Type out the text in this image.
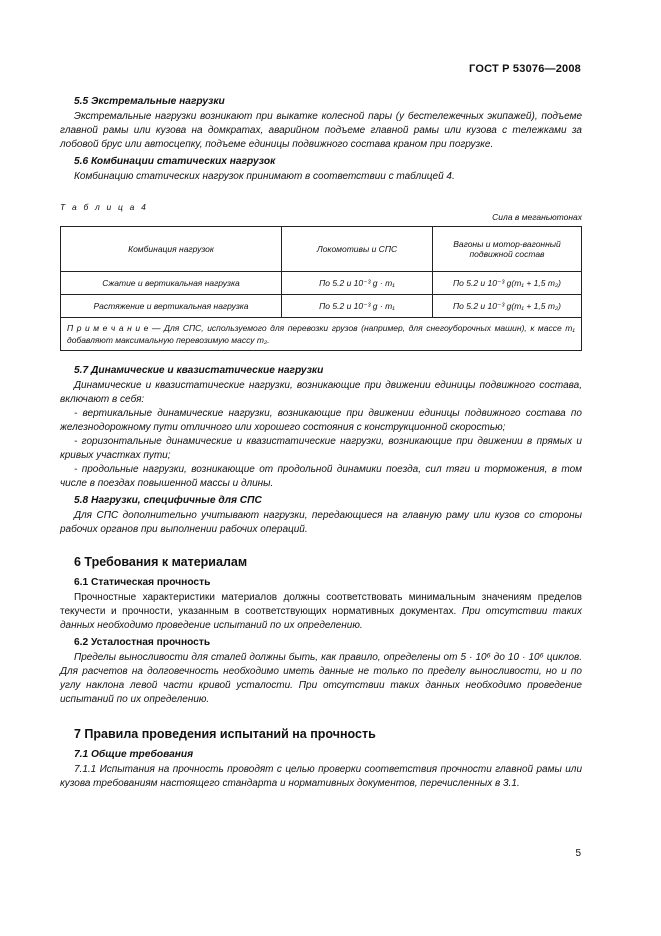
ГОСТ Р 53076—2008
5.5 Экстремальные нагрузки

Экстремальные нагрузки возникают при выкатке колесной пары (у бестележечных экипажей), подъеме главной рамы или кузова на домкратах, аварийном подъеме главной рамы или кузова с тележками за лобовой брус или автосцепку, подъеме единицы подвижного состава краном при погрузке.

5.6 Комбинации статических нагрузок

Комбинацию статических нагрузок принимают в соответствии с таблицей 4.

Т а б л и ц а 4

Сила в меганьютонах

Комбинация нагрузок	Локомотивы и СПС	Вагоны и мотор-вагонный подвижной состав
Сжатие и вертикальная нагрузка	По 5.2 и 10⁻³ g · m₁	По 5.2 и 10⁻³ g(m₁ + 1,5 m₂)
Растяжение и вертикальная нагрузка	По 5.2 и 10⁻³ g · m₁	По 5.2 и 10⁻³ g(m₁ + 1,5 m₂)
П р и м е ч а н и е — Для СПС, используемого для перевозки грузов (например, для снегоуборочных машин), к массе m₁ добавляют максимальную перевозимую массу m₂.		
5.7 Динамические и квазистатические нагрузки

Динамические и квазистатические нагрузки, возникающие при движении единицы подвижного состава, включают в себя:

- вертикальные динамические нагрузки, возникающие при движении единицы подвижного состава по железнодорожному пути отличного или хорошего состояния с конструкционной скоростью;

- горизонтальные динамические и квазистатические нагрузки, возникающие при движении в прямых и кривых участках пути;

- продольные нагрузки, возникающие от продольной динамики поезда, сил тяги и торможения, в том числе в поездах повышенной массы и длины.

5.8 Нагрузки, специфичные для СПС

Для СПС дополнительно учитывают нагрузки, передающиеся на главную раму или кузов со стороны рабочих органов при выполнении рабочих операций.

6 Требования к материалам
6.1 Статическая прочность

Прочностные характеристики материалов должны соответствовать минимальным значениям пределов текучести и прочности, указанным в соответствующих нормативных документах. При отсутствии таких данных необходимо проведение испытаний по их определению.

6.2 Усталостная прочность

Пределы выносливости для сталей должны быть, как правило, определены от 5 · 10⁶ до 10 · 10⁶ циклов. Для расчетов на долговечность необходимо иметь данные не только по пределу выносливости, но и по углу наклона левой части кривой усталости. При отсутствии таких данных необходимо проведение испытаний по их определению.

7 Правила проведения испытаний на прочность
7.1 Общие требования

7.1.1 Испытания на прочность проводят с целью проверки соответствия прочности главной рамы или кузова требованиям настоящего стандарта и нормативных документов, перечисленных в 3.1.

5
